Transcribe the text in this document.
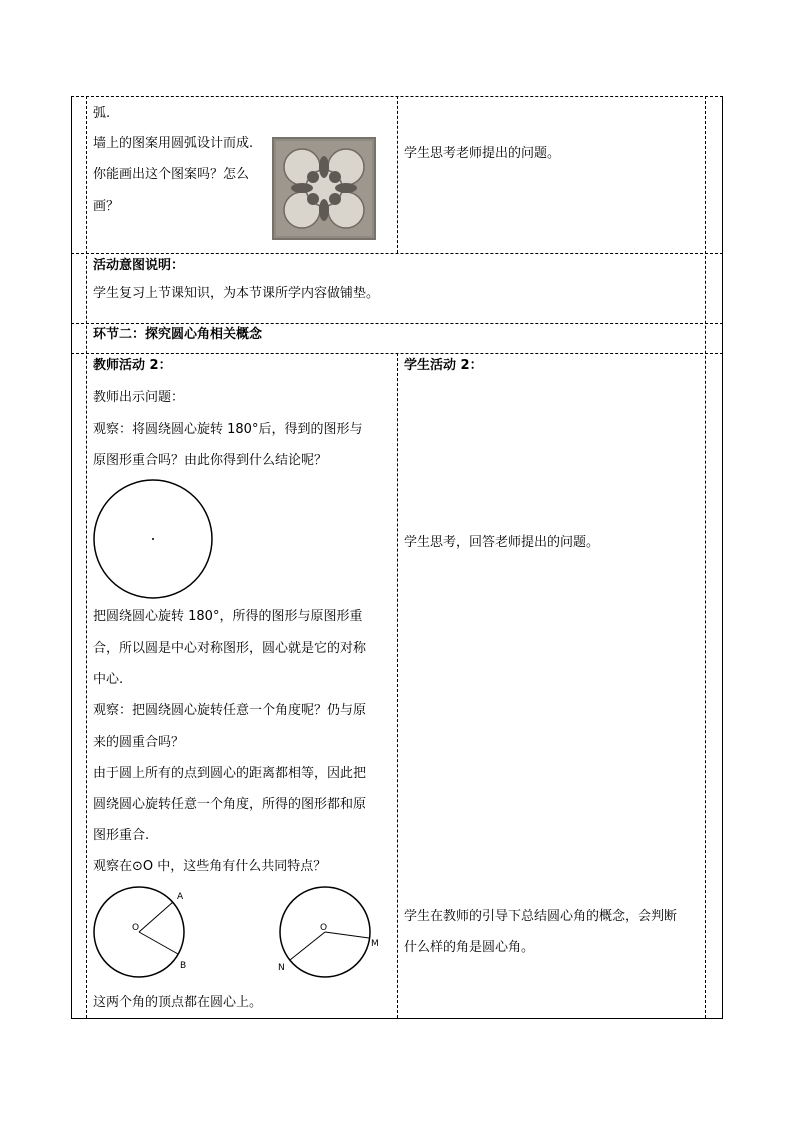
弧.
墙上的图案用圆弧设计而成.
你能画出这个图案吗？怎么
画？
学生思考老师提出的问题。
活动意图说明：
学生复习上节课知识，为本节课所学内容做铺垫。
环节二：探究圆心角相关概念
教师活动 2：	学生活动 2：
教师出示问题：
观察：将圆绕圆心旋转 180°后，得到的图形与
原图形重合吗？由此你得到什么结论呢？
把圆绕圆心旋转 180°，所得的图形与原图形重
合，所以圆是中心对称图形，圆心就是它的对称
中心.
观察：把圆绕圆心旋转任意一个角度呢？仍与原
来的圆重合吗？
由于圆上所有的点到圆心的距离都相等，因此把
圆绕圆心旋转任意一个角度，所得的图形都和原
图形重合.
观察在⊙O 中，这些角有什么共同特点？
O
A
B
O
M
N
这两个角的顶点都在圆心上。
学生思考，回答老师提出的问题。
学生在教师的引导下总结圆心角的概念，会判断
什么样的角是圆心角。
